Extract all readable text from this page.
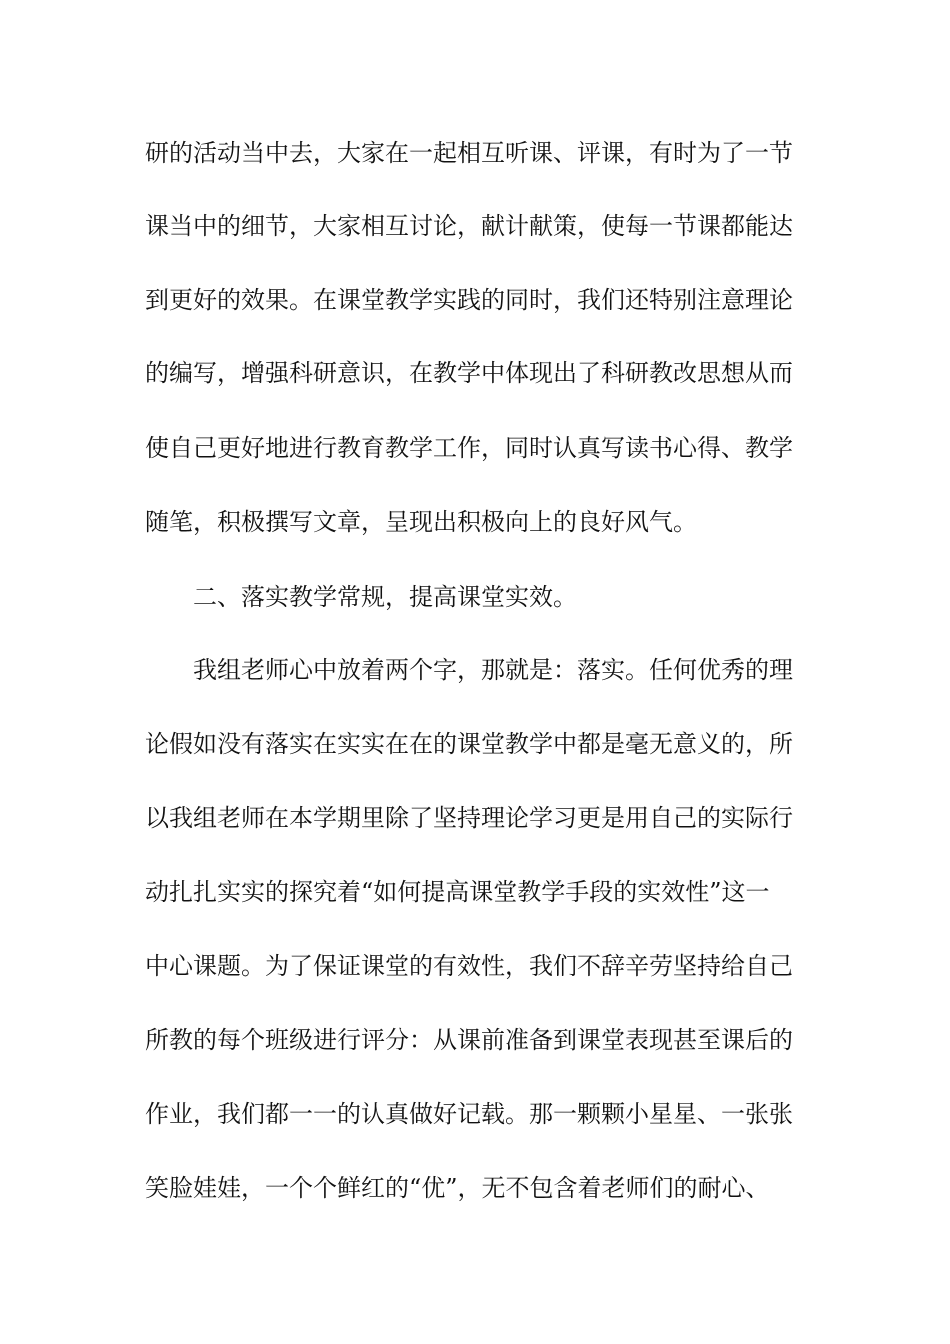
研的活动当中去，大家在一起相互听课、评课，有时为了一节
课当中的细节，大家相互讨论，献计献策，使每一节课都能达
到更好的效果。在课堂教学实践的同时，我们还特别注意理论
的编写，增强科研意识，在教学中体现出了科研教改思想从而
使自己更好地进行教育教学工作，同时认真写读书心得、教学
随笔，积极撰写文章，呈现出积极向上的良好风气。
二、落实教学常规，提高课堂实效。
我组老师心中放着两个字，那就是：落实。任何优秀的理
论假如没有落实在实实在在的课堂教学中都是毫无意义的，所
以我组老师在本学期里除了坚持理论学习更是用自己的实际行
动扎扎实实的探究着“如何提高课堂教学手段的实效性”这一
中心课题。为了保证课堂的有效性，我们不辞辛劳坚持给自己
所教的每个班级进行评分：从课前准备到课堂表现甚至课后的
作业，我们都一一的认真做好记载。那一颗颗小星星、一张张
笑脸娃娃，一个个鲜红的“优”，无不包含着老师们的耐心、
